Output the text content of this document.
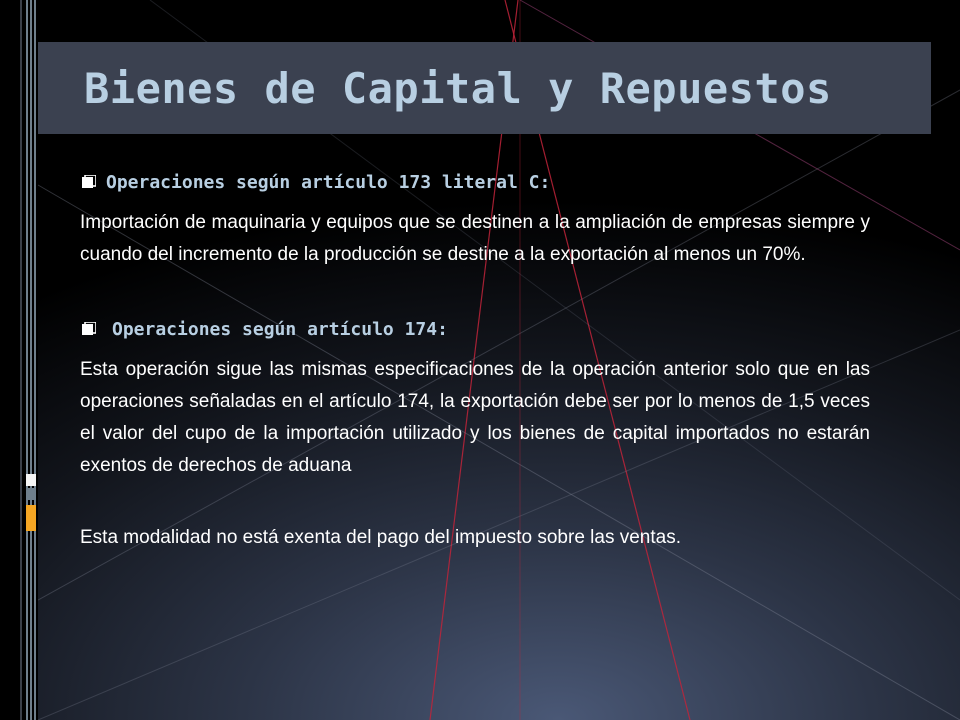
Bienes de Capital y Repuestos
Operaciones según artículo 173 literal C:

Importación de maquinaria y equipos que se destinen a la ampliación de empresas siempre y cuando del incremento de la producción se destine a la exportación al menos un 70%.

Operaciones según artículo 174:

Esta operación sigue las mismas especificaciones de la operación anterior solo que en las operaciones señaladas en el artículo 174, la exportación debe ser por lo menos de 1,5 veces el valor del cupo de la importación utilizado y los bienes de capital importados no estarán exentos de derechos de aduana

Esta modalidad no está exenta del pago del impuesto sobre las ventas.
